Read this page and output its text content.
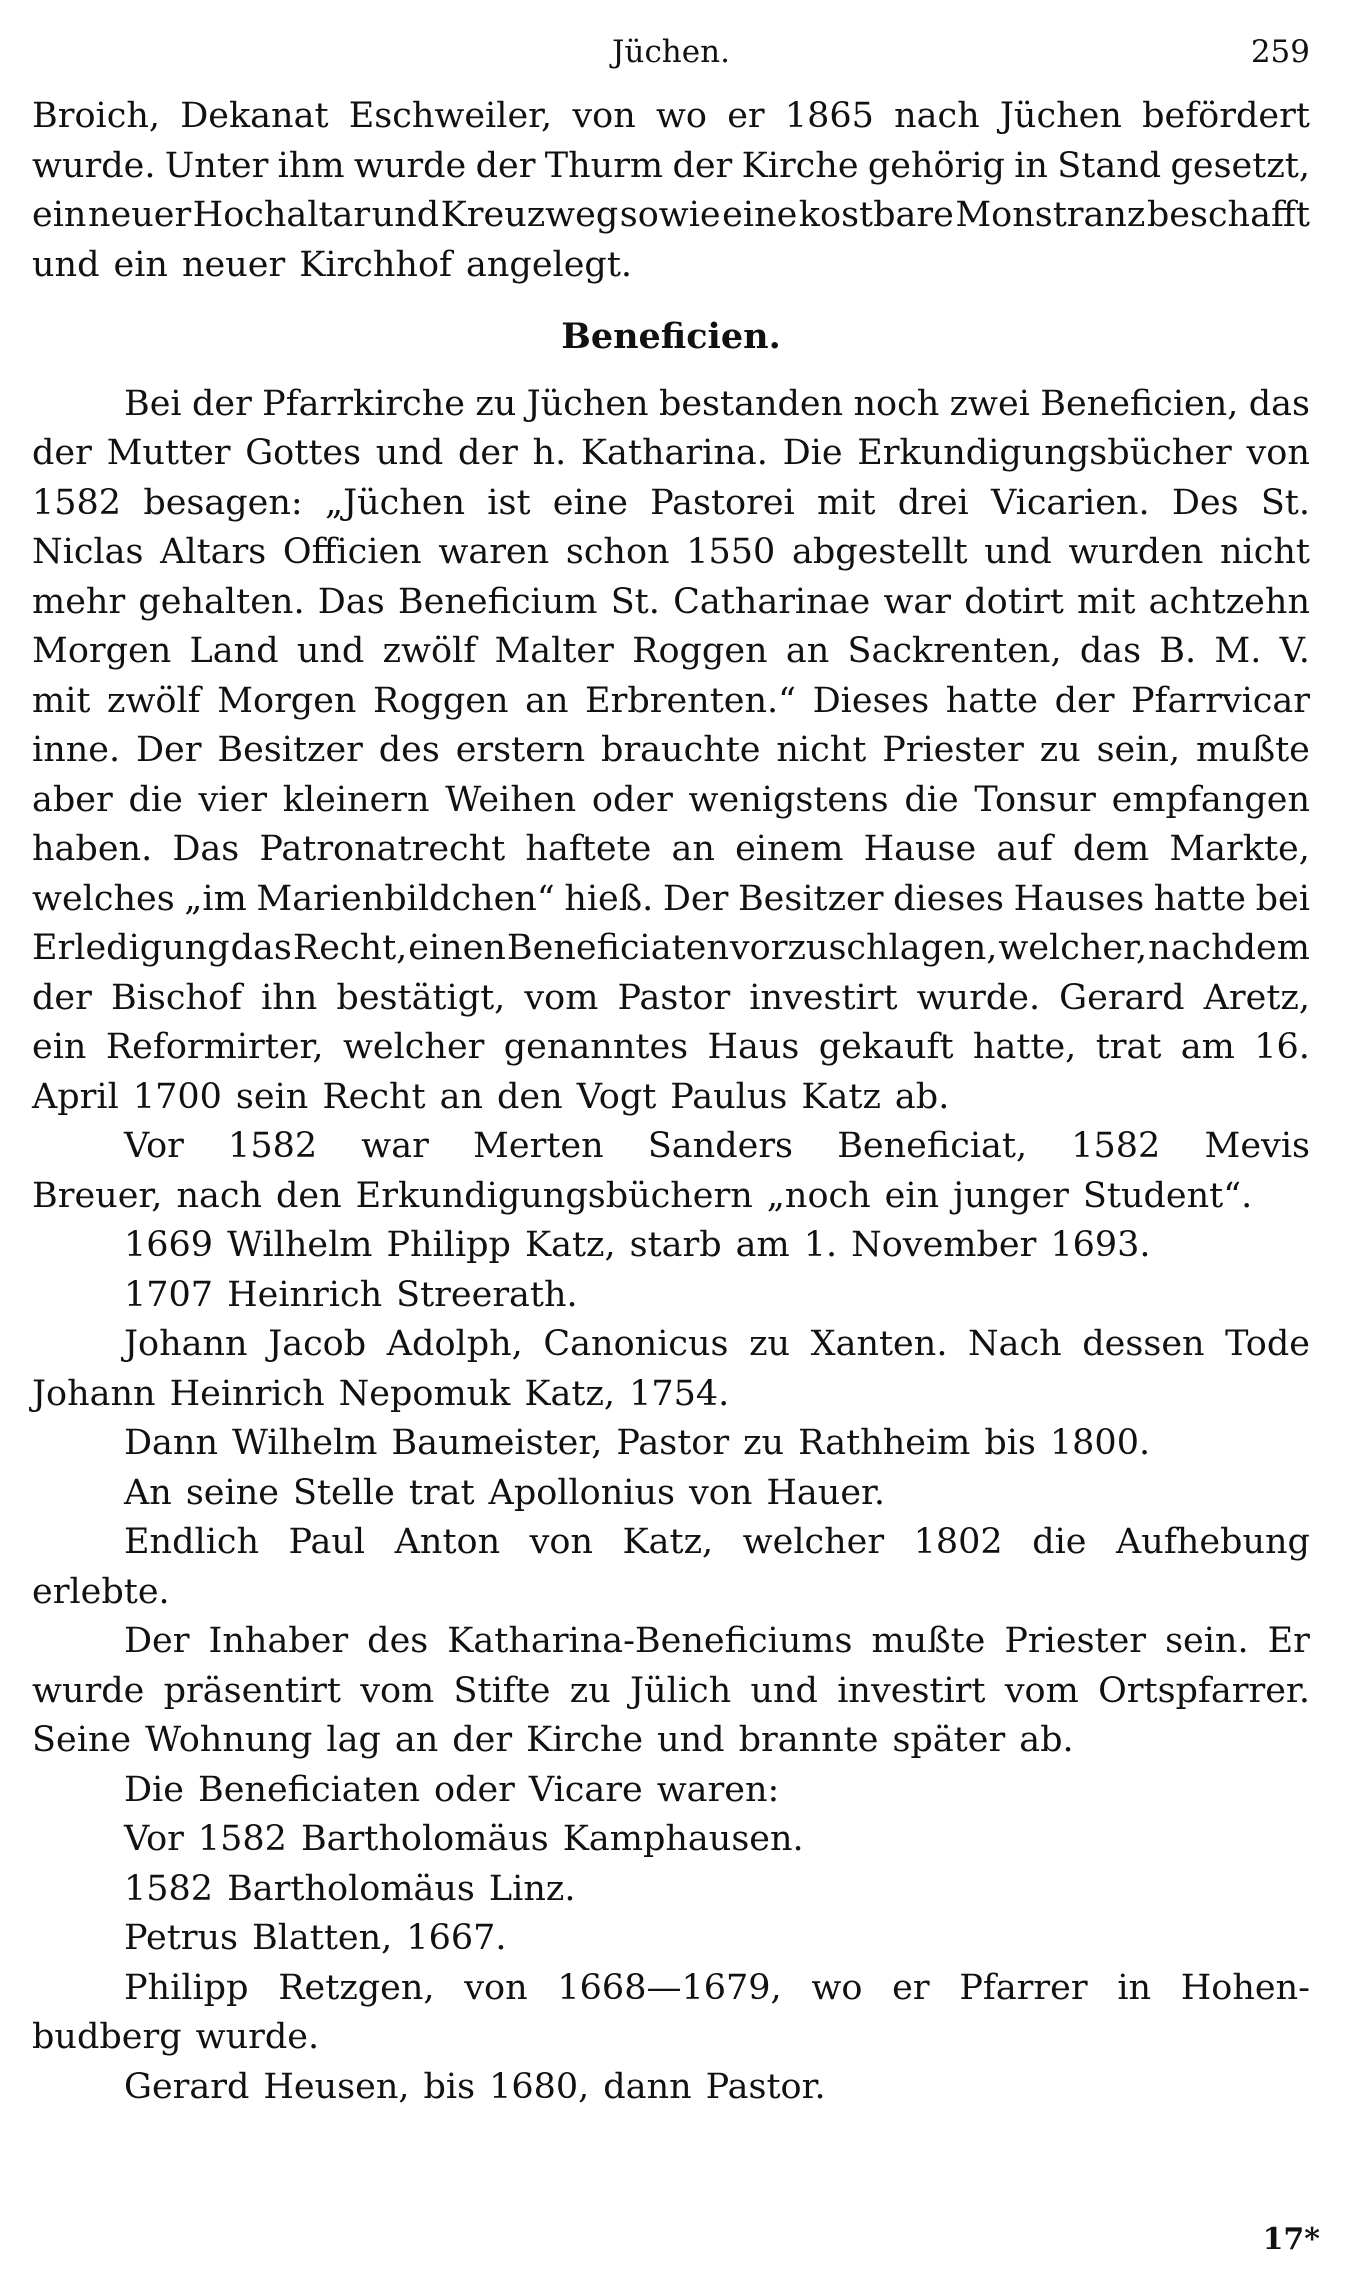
Jüchen.	259
Broich, Dekanat Eschweiler, von wo er 1865 nach Jüchen befördert
wurde. Unter ihm wurde der Thurm der Kirche gehörig in Stand gesetzt,
ein neuer Hochaltar und Kreuzweg sowie eine kostbare Monstranz beschafft
und ein neuer Kirchhof angelegt.
Beneficien.
Bei der Pfarrkirche zu Jüchen bestanden noch zwei Beneficien, das
der Mutter Gottes und der h. Katharina. Die Erkundigungsbücher von
1582 besagen: „Jüchen ist eine Pastorei mit drei Vicarien. Des St.
Niclas Altars Officien waren schon 1550 abgestellt und wurden nicht
mehr gehalten. Das Beneficium St. Catharinae war dotirt mit achtzehn
Morgen Land und zwölf Malter Roggen an Sackrenten, das B. M. V.
mit zwölf Morgen Roggen an Erbrenten.“ Dieses hatte der Pfarrvicar
inne. Der Besitzer des erstern brauchte nicht Priester zu sein, mußte
aber die vier kleinern Weihen oder wenigstens die Tonsur empfangen
haben. Das Patronatrecht haftete an einem Hause auf dem Markte,
welches „im Marienbildchen“ hieß. Der Besitzer dieses Hauses hatte bei
Erledigung das Recht, einen Beneficiaten vorzuschlagen, welcher, nachdem
der Bischof ihn bestätigt, vom Pastor investirt wurde. Gerard Aretz,
ein Reformirter, welcher genanntes Haus gekauft hatte, trat am 16.
April 1700 sein Recht an den Vogt Paulus Katz ab.
Vor 1582 war Merten Sanders Beneficiat, 1582 Mevis
Breuer, nach den Erkundigungsbüchern „noch ein junger Student“.
1669 Wilhelm Philipp Katz, starb am 1. November 1693.
1707 Heinrich Streerath.
Johann Jacob Adolph, Canonicus zu Xanten. Nach dessen Tode
Johann Heinrich Nepomuk Katz, 1754.
Dann Wilhelm Baumeister, Pastor zu Rathheim bis 1800.
An seine Stelle trat Apollonius von Hauer.
Endlich Paul Anton von Katz, welcher 1802 die Aufhebung
erlebte.
Der Inhaber des Katharina-Beneficiums mußte Priester sein. Er
wurde präsentirt vom Stifte zu Jülich und investirt vom Ortspfarrer.
Seine Wohnung lag an der Kirche und brannte später ab.
Die Beneficiaten oder Vicare waren:
Vor 1582 Bartholomäus Kamphausen.
1582 Bartholomäus Linz.
Petrus Blatten, 1667.
Philipp Retzgen, von 1668—1679, wo er Pfarrer in Hohen-
budberg wurde.
Gerard Heusen, bis 1680, dann Pastor.
17*
